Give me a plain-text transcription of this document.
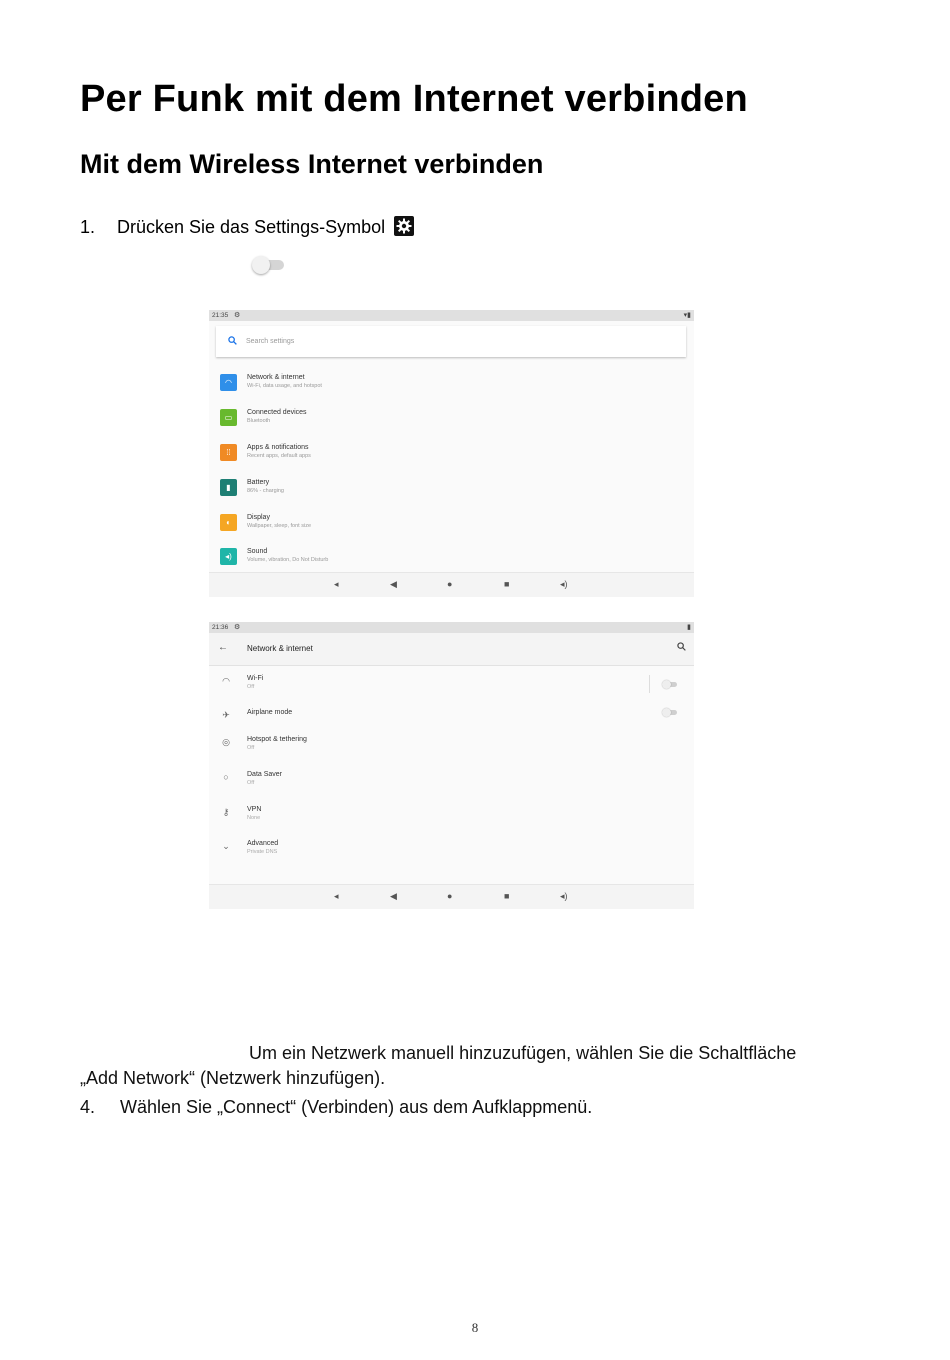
Per Funk mit dem Internet verbinden
Mit dem Wireless Internet verbinden
1. Drücken Sie das Settings-Symbol
21:35 ⚙	▾▮
Search settings
◠
Network & internet
Wi-Fi, data usage, and hotspot
▭
Connected devices
Bluetooth
⁞⁞
Apps & notifications
Recent apps, default apps
▮
Battery
86% - charging
◐
Display
Wallpaper, sleep, font size
◂)
Sound
Volume, vibration, Do Not Disturb
◂	◀	●	■	◂)
21:36 ⚙	▮
← Network & internet
◠	Wi-Fi
Off
✈	Airplane mode
◎	Hotspot & tethering
Off
○	Data Saver
Off
⚷	VPN
None
⌄	Advanced
Private DNS
◂	◀	●	■	◂)
Um ein Netzwerk manuell hinzuzufügen, wählen Sie die Schaltfläche
„Add Network“ (Netzwerk hinzufügen).
4. Wählen Sie „Connect“ (Verbinden) aus dem Aufklappmenü.
8
